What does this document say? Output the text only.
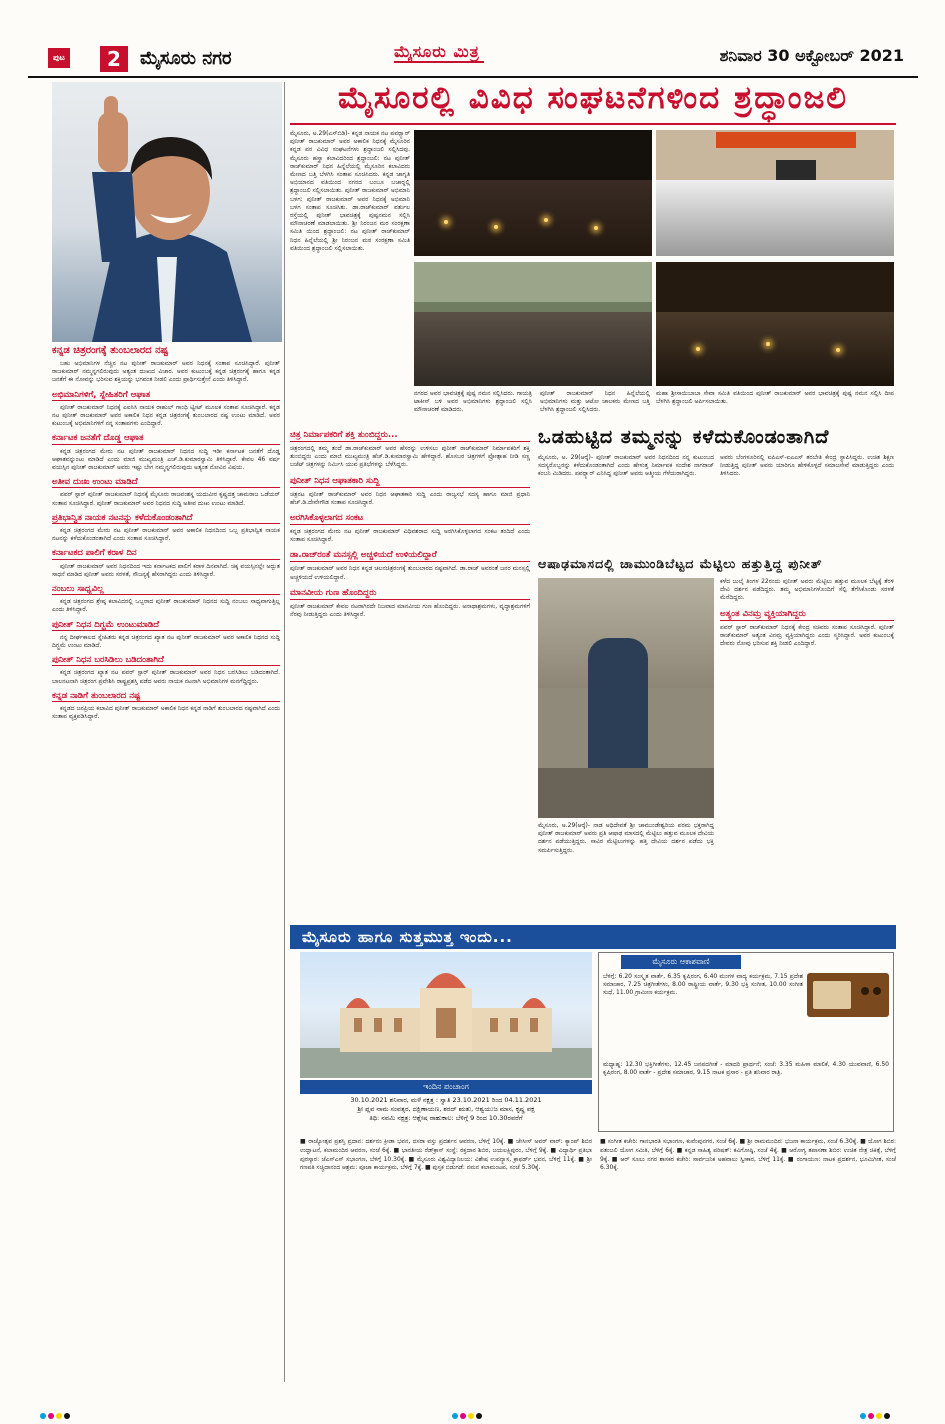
ಪುಟ	2	ಮೈಸೂರು ನಗರ	ಮೈಸೂರು ಮಿತ್ರ	ಶನಿವಾರ 30 ಅಕ್ಟೋಬರ್ 2021
ಕನ್ನಡ ಚಿತ್ರರಂಗಕ್ಕೆ ತುಂಬಲಾರದ ನಷ್ಟ

ಬಹು ಅಭಿಮಾನಿಗಳ ನೆಚ್ಚಿನ ನಟ ಪುನೀತ್ ರಾಜಕುಮಾರ್ ಅವರ ನಿಧನಕ್ಕೆ ಸಂತಾಪ ಸೂಚಿಸಿದ್ದಾರೆ. ಪುನೀತ್ ರಾಜಕುಮಾರ್ ನಮ್ಮನ್ನಗಲಿರುವುದು ಅತ್ಯಂತ ದುಃಖದ ವಿಚಾರ. ಅವರ ಕುಟುಂಬಕ್ಕೆ ಕನ್ನಡ ಚಿತ್ರರಂಗಕ್ಕೆ ಹಾಗೂ ಕನ್ನಡ ಜನತೆಗೆ ಈ ನೋವನ್ನು ಭರಿಸುವ ಶಕ್ತಿಯನ್ನು ಭಗವಂತ ನೀಡಲಿ ಎಂದು ಪ್ರಾರ್ಥಿಸುತ್ತೇನೆ ಎಂದು ತಿಳಿಸಿದ್ದಾರೆ.

ಅಭಿಮಾನಿಗಳಿಗೆ, ಸ್ನೇಹಿತರಿಗೆ ಆಘಾತ

ಪುನೀತ್ ರಾಜಕುಮಾರ್ ನಿಧನಕ್ಕೆ ಎಐಸಿಸಿ ನಾಯಕ ರಾಹುಲ್ ಗಾಂಧಿ ಟ್ವೀಟ್ ಮೂಲಕ ಸಂತಾಪ ಸೂಚಿಸಿದ್ದಾರೆ. ಕನ್ನಡ ನಟ ಪುನೀತ್ ರಾಜಕುಮಾರ್ ಅವರ ಅಕಾಲಿಕ ನಿಧನ ಕನ್ನಡ ಚಿತ್ರರಂಗಕ್ಕೆ ತುಂಬಲಾರದ ನಷ್ಟ ಉಂಟು ಮಾಡಿದೆ. ಅವರ ಕುಟುಂಬಕ್ಕೆ ಅಭಿಮಾನಿಗಳಿಗೆ ನನ್ನ ಸಂತಾಪಗಳು ಎಂದಿದ್ದಾರೆ.

ಕರ್ನಾಟಕ ಜನತೆಗೆ ದೊಡ್ಡ ಆಘಾತ

ಕನ್ನಡ ಚಿತ್ರರಂಗದ ಮೇರು ನಟ ಪುನೀತ್ ರಾಜಕುಮಾರ್ ನಿಧನದ ಸುದ್ದಿ ಇಡೀ ಕರ್ನಾಟಕ ಜನತೆಗೆ ದೊಡ್ಡ ಆಘಾತವನ್ನುಂಟು ಮಾಡಿದೆ ಎಂದು ಮಾಜಿ ಮುಖ್ಯಮಂತ್ರಿ ಎಚ್.ಡಿ.ಕುಮಾರಸ್ವಾಮಿ ತಿಳಿಸಿದ್ದಾರೆ. ಕೇವಲ 46 ವರ್ಷ ವಯಸ್ಸಿನ ಪುನೀತ್ ರಾಜಕುಮಾರ್ ಅವರು ಇಷ್ಟು ಬೇಗ ನಮ್ಮನ್ನಗಲಿರುವುದು ಅತ್ಯಂತ ನೋವಿನ ವಿಷಯ.

ಅತೀವ ದುಃಖ ಉಂಟು ಮಾಡಿದೆ

ಪವರ್ ಸ್ಟಾರ್ ಪುನೀತ್ ರಾಜಕುಮಾರ್ ನಿಧನಕ್ಕೆ ಮೈಸೂರು ರಾಜವಂಶಸ್ಥ ಯದುವೀರ ಕೃಷ್ಣದತ್ತ ಚಾಮರಾಜ ಒಡೆಯರ್ ಸಂತಾಪ ಸೂಚಿಸಿದ್ದಾರೆ. ಪುನೀತ್ ರಾಜಕುಮಾರ್ ಅವರ ನಿಧನದ ಸುದ್ದಿ ಅತೀವ ದುಃಖ ಉಂಟು ಮಾಡಿದೆ.

ಪ್ರತಿಭಾನ್ವಿತ ನಾಯಕ ನಟನನ್ನು ಕಳೆದುಕೊಂಡಂತಾಗಿದೆ

ಕನ್ನಡ ಚಿತ್ರರಂಗದ ಮೇರು ನಟ ಪುನೀತ್ ರಾಜಕುಮಾರ್ ಅವರ ಅಕಾಲಿಕ ನಿಧನದಿಂದ ಒಬ್ಬ ಪ್ರತಿಭಾನ್ವಿತ ನಾಯಕ ನಟನನ್ನು ಕಳೆದುಕೊಂಡಂತಾಗಿದೆ ಎಂದು ಸಂತಾಪ ಸೂಚಿಸಿದ್ದಾರೆ.

ಕರ್ನಾಟಕದ ಪಾಲಿಗೆ ಕರಾಳ ದಿನ

ಪುನೀತ್ ರಾಜಕುಮಾರ್ ಅವರ ನಿಧನದಿಂದ ಇದು ಕರ್ನಾಟಕದ ಪಾಲಿಗೆ ಕರಾಳ ದಿನವಾಗಿದೆ. ಚಿಕ್ಕ ವಯಸ್ಸಿನಲ್ಲೇ ಅದ್ಭುತ ಸಾಧನೆ ಮಾಡಿದ ಪುನೀತ್ ಅವರು ಸರಳತೆ, ಸೌಜನ್ಯಕ್ಕೆ ಹೆಸರಾಗಿದ್ದರು ಎಂದು ತಿಳಿಸಿದ್ದಾರೆ.

ನಂಬಲು ಸಾಧ್ಯವಿಲ್ಲ

ಕನ್ನಡ ಚಿತ್ರರಂಗದ ಶ್ರೇಷ್ಠ ಕಲಾವಿದರಲ್ಲಿ ಒಬ್ಬರಾದ ಪುನೀತ್ ರಾಜಕುಮಾರ್ ನಿಧನದ ಸುದ್ದಿ ನಂಬಲು ಸಾಧ್ಯವಾಗುತ್ತಿಲ್ಲ ಎಂದು ತಿಳಿಸಿದ್ದಾರೆ.

ಪುನೀತ್ ನಿಧನ ದಿಗ್ಭ್ರಮೆ ಉಂಟುಮಾಡಿದೆ

ನನ್ನ ದೀರ್ಘಕಾಲದ ಸ್ನೇಹಿತರು ಕನ್ನಡ ಚಿತ್ರರಂಗದ ಖ್ಯಾತ ನಟ ಪುನೀತ್ ರಾಜಕುಮಾರ್ ಅವರ ಅಕಾಲಿಕ ನಿಧನದ ಸುದ್ದಿ ದಿಗ್ಭ್ರಮೆ ಉಂಟು ಮಾಡಿದೆ.

ಪುನೀತ್ ನಿಧನ ಬರಸಿಡಿಲು ಬಡಿದಂತಾಗಿದೆ

ಕನ್ನಡ ಚಿತ್ರರಂಗದ ಖ್ಯಾತ ನಟ ಪವರ್ ಸ್ಟಾರ್ ಪುನೀತ್ ರಾಜಕುಮಾರ್ ಅವರ ನಿಧನ ಬರಸಿಡಿಲು ಬಡಿದಂತಾಗಿದೆ. ಬಾಲನಟನಾಗಿ ಚಿತ್ರರಂಗ ಪ್ರವೇಶಿಸಿ ರಾಷ್ಟ್ರಪ್ರಶಸ್ತಿ ಪಡೆದ ಅವರು ನಾಯಕ ನಟನಾಗಿ ಅಭಿಮಾನಿಗಳ ಮನಗೆದ್ದಿದ್ದರು.

ಕನ್ನಡ ನಾಡಿಗೆ ತುಂಬಲಾರದ ನಷ್ಟ

ಕನ್ನಡದ ಜನಪ್ರಿಯ ಕಲಾವಿದ ಪುನೀತ್ ರಾಜಕುಮಾರ್ ಅಕಾಲಿಕ ನಿಧನ ಕನ್ನಡ ನಾಡಿಗೆ ತುಂಬಲಾರದ ನಷ್ಟವಾಗಿದೆ ಎಂದು ಸಂತಾಪ ವ್ಯಕ್ತಪಡಿಸಿದ್ದಾರೆ.

ಮೈಸೂರಲ್ಲಿ ವಿವಿಧ ಸಂಘಟನೆಗಳಿಂದ ಶ್ರದ್ಧಾಂಜಲಿ
ಮೈಸೂರು, ಅ.29(ಎಸ್‍ಬಿಡಿ)- ಕನ್ನಡ ನಾಯಕ ನಟ ಪವರ್‍ಸ್ಟಾರ್ ಪುನೀತ್ ರಾಜಕುಮಾರ್ ಅವರ ಅಕಾಲಿಕ ನಿಧನಕ್ಕೆ ಮೈಸೂರಿನ ಕನ್ನಡ ಪರ ವಿವಿಧ ಸಂಘಟನೆಗಳು ಶ್ರದ್ಧಾಂಜಲಿ ಸಲ್ಲಿಸಿದವು. ಮೈಸೂರು ಹಸ್ತ್ರಾ ಕಲಾವಿದರಿಂದ ಶ್ರದ್ಧಾಂಜಲಿ: ನಟ ಪುನೀತ್ ರಾಜ್‍ಕುಮಾರ್ ನಿಧನ ಹಿನ್ನೆಲೆಯಲ್ಲಿ ಮೈಸೂರಿನ ಕಲಾವಿದರು ಮೇಣದ ಬತ್ತಿ ಬೆಳಗಿಸಿ ಸಂತಾಪ ಸೂಚಿಸಿದರು. ಕನ್ನಡ ಜಾಗೃತಿ ಅಭಿಯಾನದ ವತಿಯಿಂದ ನಗರದ ಬಂಬೂ ಬಜಾರ್‍ನಲ್ಲಿ ಶ್ರದ್ಧಾಂಜಲಿ ಸಲ್ಲಿಸಲಾಯಿತು. ಪುನೀತ್ ರಾಜಕುಮಾರ್ ಅಭಿಮಾನಿ ಬಳಗ: ಪುನೀತ್ ರಾಜಕುಮಾರ್ ಅವರ ನಿಧನಕ್ಕೆ ಅಭಿಮಾನಿ ಬಳಗ ಸಂತಾಪ ಸೂಚಿಸಿತು. ಡಾ.ರಾಜ್‍ಕುಮಾರ್ ವರ್ತುಲ ರಸ್ತೆಯಲ್ಲಿ ಪುನೀತ್ ಭಾವಚಿತ್ರಕ್ಕೆ ಪುಷ್ಪನಮನ ಸಲ್ಲಿಸಿ ಮೌನಾಚರಣೆ ಮಾಡಲಾಯಿತು. ಶ್ರೀ ನಿರಂಜನ ಮಠ ಸಂರಕ್ಷಣಾ ಸಮಿತಿ ಯಿಂದ ಶ್ರದ್ಧಾಂಜಲಿ: ನಟ ಪುನೀತ್ ರಾಜ್‍ಕುಮಾರ್ ನಿಧನ ಹಿನ್ನೆಲೆಯಲ್ಲಿ ಶ್ರೀ ನಿರಂಜನ ಮಠ ಸಂರಕ್ಷಣಾ ಸಮಿತಿ ವತಿಯಿಂದ ಶ್ರದ್ಧಾಂಜಲಿ ಸಲ್ಲಿಸಲಾಯಿತು.
ನಗರದ ಅವರ ಭಾವಚಿತ್ರಕ್ಕೆ ಪುಷ್ಪ ನಮನ ಸಲ್ಲಿಸಿದರು. ಗಾಯತ್ರಿ ಟಾಕೀಸ್ ಬಳಿ ಅವರ ಅಭಿಮಾನಿಗಳು ಶ್ರದ್ಧಾಂಜಲಿ ಸಲ್ಲಿಸಿ ಮೌನಾಚರಣೆ ಮಾಡಿದರು.
ಪುನೀತ್ ರಾಜಕುಮಾರ್ ನಿಧನ ಹಿನ್ನೆಲೆಯಲ್ಲಿ ಅಭಿಮಾನಿಗಳು ಮತ್ತು ಆಟೋ ಚಾಲಕರು ಮೇಣದ ಬತ್ತಿ ಬೆಳಗಿಸಿ ಶ್ರದ್ಧಾಂಜಲಿ ಸಲ್ಲಿಸಿದರು.
ಮಹಾ ಶ್ರೀಸಾಯಿಬಾಬಾ ಸೇವಾ ಸಮಿತಿ ವತಿಯಿಂದ ಪುನೀತ್ ರಾಜಕುಮಾರ್ ಅವರ ಭಾವಚಿತ್ರಕ್ಕೆ ಪುಷ್ಪ ನಮನ ಸಲ್ಲಿಸಿ ದೀಪ ಬೆಳಗಿಸಿ ಶ್ರದ್ಧಾಂಜಲಿ ಅರ್ಪಿಸಲಾಯಿತು.
ಚಿತ್ರ ನಿರ್ಮಾಪಕರಿಗೆ ಶಕ್ತಿ ತುಂಬಿದ್ದರು...
ಚಿತ್ರರಂಗದಲ್ಲಿ ತಮ್ಮ ತಂದೆ ಡಾ.ರಾಜ್‍ಕುಮಾರ್ ಅವರ ಹೆಸರನ್ನು ಉಳಿಸಲು ಪುನೀತ್ ರಾಜ್‍ಕುಮಾರ್ ನಿರ್ಮಾಪಕರಿಗೆ ಶಕ್ತಿ ತುಂಬಿದ್ದರು ಎಂದು ಮಾಜಿ ಮುಖ್ಯಮಂತ್ರಿ ಹೆಚ್.ಡಿ.ಕುಮಾರಸ್ವಾಮಿ ಹೇಳಿದ್ದಾರೆ. ಹೊಸಬರ ಚಿತ್ರಗಳಿಗೆ ಪ್ರೋತ್ಸಾಹ ನೀಡಿ ಸಣ್ಣ ಬಜೆಟ್ ಚಿತ್ರಗಳನ್ನು ನಿರ್ಮಿಸಿ ಯುವ ಪ್ರತಿಭೆಗಳನ್ನು ಬೆಳೆಸಿದ್ದರು.
ಪುನೀತ್ ನಿಧನ ಆಘಾತಕಾರಿ ಸುದ್ದಿ
ಚಿತ್ರನಟ ಪುನೀತ್ ರಾಜ್‍ಕುಮಾರ್ ಅವರ ನಿಧನ ಆಘಾತಕಾರಿ ಸುದ್ದಿ ಎಂದು ರಾಜ್ಯಸಭೆ ಸದಸ್ಯ ಹಾಗೂ ಮಾಜಿ ಪ್ರಧಾನಿ ಹೆಚ್.ಡಿ.ದೇವೇಗೌಡ ಸಂತಾಪ ಸೂಚಿಸಿದ್ದಾರೆ.
ಅರಗಿಸಿಕೊಳ್ಳಲಾಗದ ಸಂಕಟ
ಕನ್ನಡ ಚಿತ್ರರಂಗದ ಮೇರು ನಟ ಪುನೀತ್ ರಾಜಕುಮಾರ್ ವಿಧಿವಶರಾದ ಸುದ್ದಿ ಅರಗಿಸಿಕೊಳ್ಳಲಾಗದ ಸಂಕಟ ತಂದಿದೆ ಎಂದು ಸಂತಾಪ ಸೂಚಿಸಿದ್ದಾರೆ.
ಡಾ.ರಾಜ್‍ರಂತೆ ಮನಸ್ಸಲ್ಲಿ ಅಚ್ಚಳಿಯದೆ ಉಳಿಯಲಿದ್ದಾರೆ
ಪುನೀತ್ ರಾಜಕುಮಾರ್ ಅವರ ನಿಧನ ಕನ್ನಡ ಚಲನಚಿತ್ರರಂಗಕ್ಕೆ ತುಂಬಲಾರದ ನಷ್ಟವಾಗಿದೆ. ಡಾ.ರಾಜ್ ಅವರಂತೆ ಜನರ ಮನಸ್ಸಲ್ಲಿ ಅಚ್ಚಳಿಯದೆ ಉಳಿಯಲಿದ್ದಾರೆ.
ಮಾನವೀಯ ಗುಣ ಹೊಂದಿದ್ದರು
ಪುನೀತ್ ರಾಜಕುಮಾರ್ ಕೇವಲ ನಟರಾಗಿರದೇ ನಿಜವಾದ ಮಾನವೀಯ ಗುಣ ಹೊಂದಿದ್ದರು. ಅನಾಥಾಶ್ರಮಗಳು, ವೃದ್ಧಾಶ್ರಮಗಳಿಗೆ ನೆರವು ನೀಡುತ್ತಿದ್ದರು ಎಂದು ತಿಳಿಸಿದ್ದಾರೆ.
ಒಡಹುಟ್ಟಿದ ತಮ್ಮನನ್ನು ಕಳೆದುಕೊಂಡಂತಾಗಿದೆ
ಮೈಸೂರು, ಅ. 29(ಆರ್‍ಕೆ)- ಪುನೀತ್ ರಾಜಕುಮಾರ್ ಅವರ ನಿಧನದಿಂದ ನನ್ನ ಕುಟುಂಬದ ಸದಸ್ಯರೊಬ್ಬರನ್ನು ಕಳೆದುಕೊಂಡಂತಾಗಿದೆ ಎಂದು ಹೇಳುತ್ತ ನಿರ್ಮಾಪಕ ಸಂದೇಶ ನಾಗರಾಜ್ ಕಂಬನಿ ಮಿಡಿದರು. ಪವರ್‍ಸ್ಟಾರ್ ಎನಿಸಿದ್ದ ಪುನೀತ್ ಅವರು ಆತ್ಮೀಯ ಗೆಳೆಯರಾಗಿದ್ದರು.
ಅವರು ಬೆಂಗಳೂರಿನಲ್ಲಿ ಐಪಿಎಸ್-ಐಎಎಸ್ ತರಬೇತಿ ಕೇಂದ್ರ ಸ್ಥಾಪಿಸಿದ್ದರು. ಉಚಿತ ಶಿಕ್ಷಣ ನೀಡುತ್ತಿದ್ದ ಪುನೀತ್ ಅವರು ಯಾರಿಗೂ ಹೇಳಿಕೊಳ್ಳದೆ ಸಮಾಜಸೇವೆ ಮಾಡುತ್ತಿದ್ದರು ಎಂದು ತಿಳಿಸಿದರು.
ಆಷಾಢಮಾಸದಲ್ಲಿ ಚಾಮುಂಡಿಬೆಟ್ಟದ ಮೆಟ್ಟಿಲು ಹತ್ತುತ್ತಿದ್ದ ಪುನೀತ್
ಮೈಸೂರು, ಅ.29(ಆರ್‍ಕೆ)- ನಾಡ ಅಧಿದೇವತೆ ಶ್ರೀ ಚಾಮುಂಡೇಶ್ವರಿಯ ಪರಮ ಭಕ್ತರಾಗಿದ್ದ ಪುನೀತ್ ರಾಜಕುಮಾರ್ ಅವರು ಪ್ರತಿ ಆಷಾಢ ಮಾಸದಲ್ಲಿ ಮೆಟ್ಟಿಲು ಹತ್ತುವ ಮೂಲಕ ದೇವಿಯ ದರ್ಶನ ಪಡೆಯುತ್ತಿದ್ದರು. ಸಾವಿರ ಮೆಟ್ಟಿಲುಗಳನ್ನು ಹತ್ತಿ ದೇವಿಯ ದರ್ಶನ ಪಡೆದು ಭಕ್ತಿ ಸಮರ್ಪಿಸುತ್ತಿದ್ದರು.
ಕಳೆದ ಜುಲೈ ತಿಂಗಳ 22ರಂದು ಪುನೀತ್ ಅವರು ಮೆಟ್ಟಿಲು ಹತ್ತುವ ಮೂಲಕ ಬೆಟ್ಟಕ್ಕೆ ತೆರಳಿ ದೇವಿ ದರ್ಶನ ಪಡೆದಿದ್ದರು. ತಮ್ಮ ಅಭಿಮಾನಿಗಳೊಂದಿಗೆ ಸೆಲ್ಫಿ ತೆಗೆಸಿಕೊಂಡು ಸರಳತೆ ಮೆರೆದಿದ್ದರು.
ಅತ್ಯಂತ ವಿನಮ್ರ ವ್ಯಕ್ತಿಯಾಗಿದ್ದರು
ಪವರ್ ಸ್ಟಾರ್ ರಾಜ್‍ಕುಮಾರ್ ನಿಧನಕ್ಕೆ ಕೇಂದ್ರ ಸಚಿವರು ಸಂತಾಪ ಸೂಚಿಸಿದ್ದಾರೆ. ಪುನೀತ್ ರಾಜ್‍ಕುಮಾರ್ ಅತ್ಯಂತ ವಿನಮ್ರ ವ್ಯಕ್ತಿಯಾಗಿದ್ದರು ಎಂದು ಸ್ಮರಿಸಿದ್ದಾರೆ. ಅವರ ಕುಟುಂಬಕ್ಕೆ ದೇವರು ನೋವು ಭರಿಸುವ ಶಕ್ತಿ ನೀಡಲಿ ಎಂದಿದ್ದಾರೆ.
ಮೈಸೂರು ಹಾಗೂ ಸುತ್ತಮುತ್ತ ಇಂದು...
ಇಂದಿನ ಪಂಚಾಂಗ
30.10.2021 ಶನಿವಾರ, ಮಳೆ ನಕ್ಷತ್ರ : ಸ್ವಾತಿ 23.10.2021 ರಿಂದ 04.11.2021
ಶ್ರೀ ಪ್ಲವ ನಾಮ ಸಂವತ್ಸರ, ದಕ್ಷಿಣಾಯಣ, ಶರದ್ ಋತು, ಆಶ್ವಯುಜ ಮಾಸ, ಕೃಷ್ಣ ಪಕ್ಷ
ತಿಥಿ: ನವಮಿ ನಕ್ಷತ್ರ: ಆಶ್ಲೇಷ ರಾಹುಕಾಲ: ಬೆಳಿಗ್ಗೆ 9 ರಿಂದ 10.30ರವರೆಗೆ
ಮೈಸೂರು ಆಕಾಶವಾಣಿ
ಬೆಳಿಗ್ಗೆ: 6.20 ಸಂಸ್ಕೃತ ವಾರ್ತೆ, 6.35 ಕೃಷಿರಂಗ, 6.40 ಮಂಗಳ ವಾದ್ಯ ಕರ್ಯಕ್ರಮ, 7.15 ಪ್ರದೇಶ ಸಮಾಚಾರ, 7.25 ಚಿತ್ರಗೀತೆಗಳು, 8.00 ರಾಷ್ಟ್ರೀಯ ವಾರ್ತೆ, 9.30 ಭಕ್ತಿ ಸಂಗೀತ, 10.00 ಸಂಗೀತ ಸುಧೆ, 11.00 ಗ್ರಾಮೀಣ ಕರ್ಯಕ್ರಮ.
ಮಧ್ಯಾಹ್ನ: 12.30 ಭಕ್ತಿಗೀತೆಗಳು, 12.45 ಜನಪದಗೀತೆ - ಮಾದರಿ ಪ್ರಾರ್ಥನೆ; ಸಂಜೆ: 3.35 ಮಹಿಳಾ ಮಾಲಿಕೆ, 4.30 ಯುವವಾಣಿ, 6.50 ಕೃಷಿರಂಗ, 8.00 ವಾರ್ತೆ - ಪ್ರದೇಶ ಸಮಾಚಾರ, 9.15 ನಾಟಕ ಪ್ರಸಾರ - ಪ್ರತಿ ಶನಿವಾರ ರಾತ್ರಿ.
■ ರಾಜ್ಯೋತ್ಸವ ಪ್ರಶಸ್ತಿ ಪ್ರದಾನ: ದರ್ಶನಂ ಕ್ರೀಡಾ ಭವನ, ದಸರಾ ವಸ್ತು ಪ್ರದರ್ಶನ ಆವರಣ, ಬೆಳಿಗ್ಗೆ 10ಕ್ಕೆ. ■ ಜೇಸೀಸ್ ಅವರ್ ವಾರ್: ಕ್ಯಾಂಪ್ ಶಿಬಿರ ಉದ್ಘಾಟನೆ, ಕಲಾಮಂದಿರ ಆವರಣ, ಸಂಜೆ 6ಕ್ಕೆ. ■ ಭಾರತೀಯ ರೆಡ್‍ಕ್ರಾಸ್ ಸಂಸ್ಥೆ: ರಕ್ತದಾನ ಶಿಬಿರ, ಜಯಲಕ್ಷ್ಮಿಪುರಂ, ಬೆಳಿಗ್ಗೆ 9ಕ್ಕೆ. ■ ವಿದ್ಯಾರ್ಥಿ ಪ್ರತಿಭಾ ಪುರಸ್ಕಾರ: ಜೆಎಸ್‍ಎಸ್ ಸಭಾಂಗಣ, ಬೆಳಿಗ್ಗೆ 10.30ಕ್ಕೆ. ■ ಮೈಸೂರು ವಿಶ್ವವಿದ್ಯಾನಿಲಯ: ವಿಶೇಷ ಉಪನ್ಯಾಸ, ಕ್ರಾಫರ್ಡ್ ಭವನ, ಬೆಳಿಗ್ಗೆ 11ಕ್ಕೆ. ■ ಶ್ರೀ ಗಣಪತಿ ಸಚ್ಚಿದಾನಂದ ಆಶ್ರಮ: ಪೂಜಾ ಕಾರ್ಯಕ್ರಮ, ಬೆಳಿಗ್ಗೆ 7ಕ್ಕೆ. ■ ಪುಸ್ತಕ ಬಿಡುಗಡೆ: ನಮನ ಕಲಾಮಂಟಪ, ಸಂಜೆ 5.30ಕ್ಕೆ.
■ ಸಂಗೀತ ಕಚೇರಿ: ಗಾನಭಾರತಿ ಸಭಾಂಗಣ, ಕುವೆಂಪುನಗರ, ಸಂಜೆ 6ಕ್ಕೆ. ■ ಶ್ರೀ ರಾಮಮಂದಿರ: ಭಜನಾ ಕಾರ್ಯಕ್ರಮ, ಸಂಜೆ 6.30ಕ್ಕೆ. ■ ಯೋಗ ಶಿಬಿರ: ಪತಂಜಲಿ ಯೋಗ ಸಮಿತಿ, ಬೆಳಿಗ್ಗೆ 6ಕ್ಕೆ. ■ ಕನ್ನಡ ಸಾಹಿತ್ಯ ಪರಿಷತ್: ಕವಿಗೋಷ್ಠಿ, ಸಂಜೆ 4ಕ್ಕೆ. ■ ಆರೋಗ್ಯ ತಪಾಸಣಾ ಶಿಬಿರ: ಉಚಿತ ನೇತ್ರ ಚಿಕಿತ್ಸೆ, ಬೆಳಿಗ್ಗೆ 9ಕ್ಕೆ. ■ ಆರ್ ಸೂಲು ನಗರ ಶಾಸಕರ ಕಚೇರಿ: ಸಾರ್ವಜನಿಕ ಅಹವಾಲು ಸ್ವೀಕಾರ, ಬೆಳಿಗ್ಗೆ 11ಕ್ಕೆ. ■ ರಂಗಾಯಣ: ನಾಟಕ ಪ್ರದರ್ಶನ, ಭೂಮಿಗೀತ, ಸಂಜೆ 6.30ಕ್ಕೆ.
